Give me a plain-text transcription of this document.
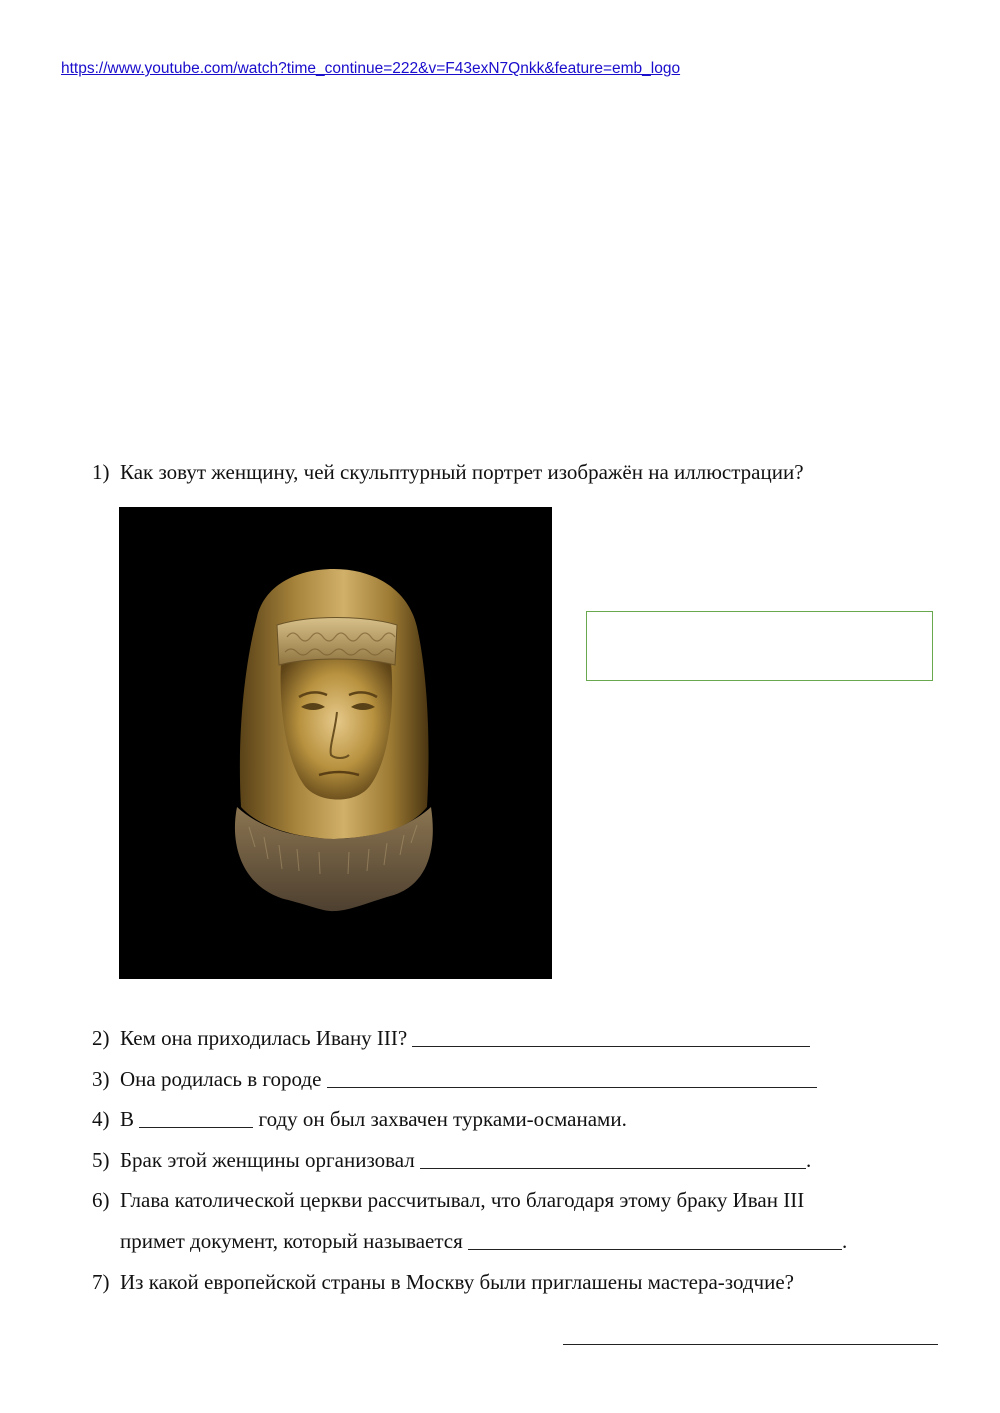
https://www.youtube.com/watch?time_continue=222&v=F43exN7Qnkk&feature=emb_logo
1) Как зовут женщину, чей скульптурный портрет изображён на иллюстрации?
2) Кем она приходилась Ивану III?
3) Она родилась в городе
4) В	году он был захвачен турками-османами.
5) Брак этой женщины организовал	.
6) Глава католической церкви рассчитывал, что благодаря этому браку Иван III
примет документ, который называется	.
7) Из какой европейской страны в Москву были приглашены мастера-зодчие?
